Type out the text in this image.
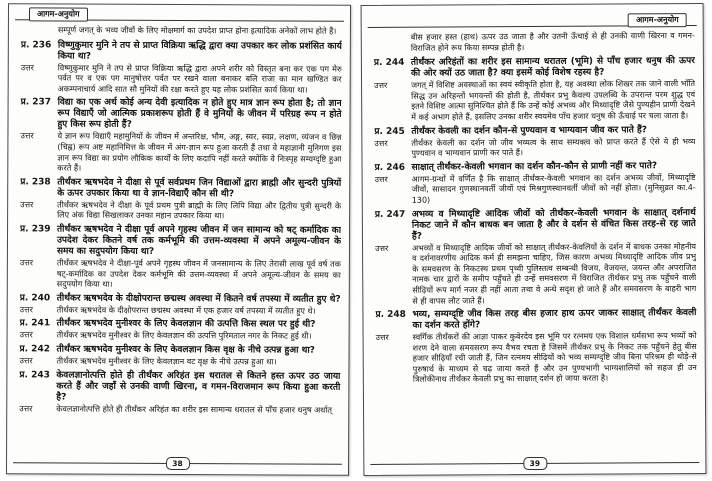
आगम-अनुयोग
सम्पूर्ण जगत् के भव्य जीवों के लिए मोक्षमार्ग का उपदेश प्राप्त होना इत्यादिक अनेकों लाभ होते हैं।
प्र. 236 विष्णुकुमार मुनि ने तप से प्राप्त विक्रिया ऋद्धि द्वारा क्या उपकार कर लोक प्रशंसित कार्य किया था?
उत्तर	विष्णुकुमार मुनि ने तप से प्राप्त विक्रिया ऋद्धि द्वारा अपने शरीर को विस्तृत बना कर एक पग मेरु पर्वत पर व एक पग मानुषोत्तर पर्वत पर रखने वाला बनाकर बलि राजा का मान खण्डित कर अकम्पनाचार्य आदि सात सौ मुनियों की रक्षा करते हुए यह लोक प्रशंसित कार्य किया था।
प्र. 237 विद्या का एक अर्थ कोई अन्य देवी इत्यादिक न होते हुए मात्र ज्ञान रूप होता है; तो ज्ञान रूप विद्याएँ जो आत्मिक प्रकाशरूप होती हैं वे मुनियों के जीवन में परिग्रह रूप न होते हुए किस रूप होती हैं?
उत्तर	ये ज्ञान रूप विद्याएँ महामुनियों के जीवन में अन्तरिक्ष, भौम, अङ्ग, स्वर, स्वप्न, लक्षण, व्यंजन व छिन्न (चिह्न) रूप अष्ट महानिमित्त के जीवन में अंग-ज्ञान रूप हुआ करती हैं तथा वे महाज्ञानी मुनिगण इस ज्ञान रूप विद्या का प्रयोग लौकिक कार्यों के लिए कदापि नहीं करते क्योंकि वे निःस्पृह सम्यग्दृष्टि हुआ करते हैं।
प्र. 238 तीर्थंकर ऋषभदेव ने दीक्षा से पूर्व सर्वप्रथम जिन विद्याओं द्वारा ब्राह्मी और सुन्दरी पुत्रियों के ऊपर उपकार किया था वे ज्ञान-विद्याएँ कौन सी थी?
उत्तर	तीर्थंकर ऋषभदेव ने दीक्षा के पूर्व प्रथम पुत्री ब्राह्मी के लिए लिपि विद्या और द्वितीय पुत्री सुन्दरी के लिए अंक विद्या सिखलाकर उनका महान उपकार किया था।
प्र. 239 तीर्थंकर ऋषभदेव ने दीक्षा पूर्व अपने गृहस्थ जीवन में जन सामान्य को षट् कर्मादिक का उपदेश देकर कितने वर्ष तक कर्मभूमि की उत्तम-व्यवस्था में अपने अमूल्य-जीवन के समय का सदुपयोग किया था?
उत्तर	तीर्थंकर ऋषभदेव ने दीक्षा-पूर्व अपने गृहस्थ जीवन में जनसामान्य के लिए तेरासी लाख पूर्व वर्ष तक षट्-कर्मादिक का उपदेश देकर कर्मभूमि की उत्तम-व्यवस्था में अपने अमूल्य-जीवन के समय का सदुपयोग किया था।
प्र. 240 तीर्थंकर ऋषभदेव के दीक्षोपरान्त छद्मस्थ अवस्था में कितने वर्ष तपस्या में व्यतीत हुए थे?
उत्तर	तीर्थंकर ऋषभदेव के दीक्षोपरान्त छद्मस्थ अवस्था में एक हजार वर्ष तपस्या में व्यतीत हुए थे।
प्र. 241 तीर्थंकर ऋषभदेव मुनीश्वर के लिए केवलज्ञान की उत्पत्ति किस स्थल पर हुई थी?
उत्तर	तीर्थंकर ऋषभदेव मुनीश्वर के लिए केवलज्ञान की उत्पत्ति पुरिमताल नगर के निकट हुई थी।
प्र. 242 तीर्थंकर ऋषभदेव मुनीश्वर के लिए केवलज्ञान किस वृक्ष के नीचे उत्पन्न हुआ था?
उत्तर	तीर्थंकर ऋषभदेव मुनीश्वर के लिए केवलज्ञान वट वृक्ष के नीचे उत्पन्न हुआ था।
प्र. 243 केवलज्ञानोत्पत्ति होते ही तीर्थंकर अरिहंत इस धरातल से कितने हस्त ऊपर उठ जाया करते हैं और जहाँ से उनकी वाणी खिरना, व गमन-विराजमान रूप किया हुआ करती है?
उत्तर	केवलज्ञानोत्पत्ति होते ही तीर्थंकर अरिहंत का शरीर इस सामान्य धरातल से पाँच हजार धनुष अर्थात्
38
आगम-अनुयोग
बीस हजार हस्त (हाथ) ऊपर उठ जाता है और उतनी ऊँचाई से ही उनकी वाणी खिरना व गमन-विराजित होने रूप किया सम्पन्न होती है।
प्र. 244 तीर्थंकर अरिहंतों का शरीर इस सामान्य धरातल (भूमि) से पाँच हजार धनुष की ऊपर की ओर क्यों उठ जाता है? क्या इसमें कोई विशेष रहस्य है?
उत्तर	जगत् में विशिष्ट अवस्थाओं का स्वयं स्वीकृति होता है, यह अवस्था लोक शिखर तक जाने वाली भाँति सिद्ध उन अरिहन्तों भगवन्तों की होती है, तीर्थंकर प्रभु कैवल्य उपलब्धि के उपरान्त परम शुद्ध एवं इतने विशिष्ट आत्मा सुनिश्चित होते हैं कि उन्हें कोई अभव्य और मिथ्यादृष्टि जैसे पुण्यहीन प्राणी देखने में कई अभाग होते हैं, इसलिए उनका शरीर स्वयमेव पाँच हजार धनुष की ऊँचाई पर चला जाता है।
प्र. 245 तीर्थंकर केवली का दर्शन कौन-से पुण्यवान व भाग्यवान जीव कर पाते हैं?
उत्तर	तीर्थंकर केवली का दर्शन जो जीव भव्यत्व के साथ सम्यक्त्व को प्राप्त करते हैं ऐसे ये ही भव्य पुण्यवान व भाग्यवान प्राणी कर पाते हैं।
प्र. 246 साक्षात् तीर्थंकर-केवली भगवान का दर्शन कौन-कौन से प्राणी नहीं कर पाते?
उत्तर	आगम-ग्रन्थों में वर्णित है कि साक्षात् तीर्थंकर-केवली भगवान का दर्शन अभव्य जीवों, मिथ्यादृष्टि जीवों, सासादन गुणस्थानवर्ती जीवों एवं मिश्रगुणस्थानवर्ती जीवों को नहीं होता। (मुनिसुव्रत का.4-130)
प्र. 247 अभव्य व मिथ्यादृष्टि आदिक जीवों को तीर्थंकर-केवली भगवान के साक्षात् दर्शनार्थ निकट जाने में कौन बाधक बन जाता है और वे दर्शन से वंचित किस तरह-से रह जाते हैं?
उत्तर	अभव्यों व मिथ्यादृष्टि आदिक जीवों को साक्षात् तीर्थंकर-केवलियों के दर्शन में बाधक उनका मोहनीय व दर्शनावरणीय आदिक कर्म ही समझना चाहिए, जिस कारण अभव्य मिथ्यादृष्टि आदिक जीव प्रभु के समवसरण के निकटस्थ प्रथम पृथ्वी पुलिस्तत्व सम्बन्धी विजय, वैजयन्त, जयन्त और अपराजित नामक चार द्वारों के समीप पहुँचते ही उन्हें समवसरण में विराजित तीर्थंकर प्रभु तक पहुँचने वाली सीढ़ियों रूप मार्ग नजर ही नहीं आता तथा वे अन्धे सदृश हो जाते हैं और समवसरण के बाहरी भाग से ही वापस लौट जाते हैं।
प्र. 248 भव्य, सम्यग्दृष्टि जीव किस तरह बीस हजार हाथ ऊपर जाकर साक्षात् तीर्थंकर केवली का दर्शन करते होंगे?
उत्तर	स्वर्गिक तीर्थंकरों की आज्ञा पाकर कुबेरदेव इस भूमि पर रत्नमय एक विशाल धर्मसभा रूप भव्यों को शरण देने वाला समवसरण रूप वैभव रचता है जिसमें तीर्थंकर प्रभु के निकट तक पहुँचने हेतु बीस हजार सीढ़ियाँ रची जाती हैं, जिन रत्नमय सीढ़ियों को भव्य सम्यग्दृष्टि जीव बिना परिश्रम ही थोड़े-से पुरुषार्थ के माध्यम से चढ़ जाया करते हैं और उन पुण्यभागी भाग्यशालियों को सहज ही उन त्रिलोकीनाथ तीर्थंकर केवली प्रभु का साक्षात् दर्शन हो जाया करता है।
39
